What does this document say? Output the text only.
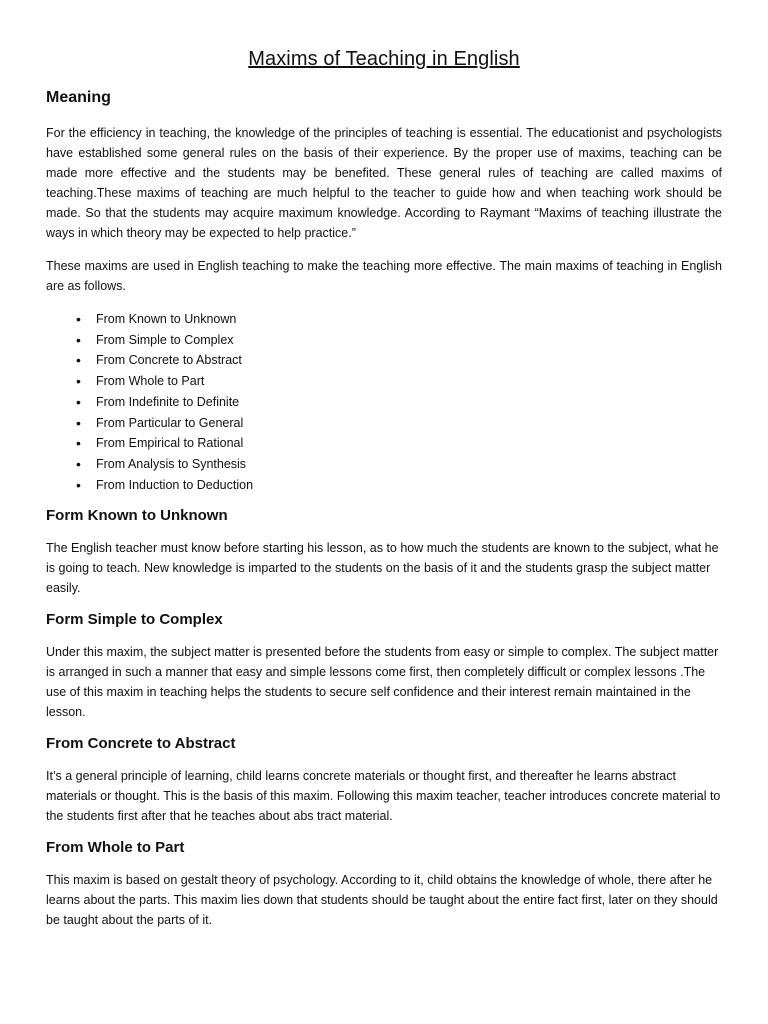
Maxims of Teaching in English
Meaning

For the efficiency in teaching, the knowledge of the principles of teaching is essential. The educationist and psychologists have established some general rules on the basis of their experience. By the proper use of maxims, teaching can be made more effective and the students may be benefited. These general rules of teaching are called maxims of teaching.These maxims of teaching are much helpful to the teacher to guide how and when teaching work should be made. So that the students may acquire maximum knowledge. According to Raymant “Maxims of teaching illustrate the ways in which theory may be expected to help practice.”

These maxims are used in English teaching to make the teaching more effective. The main maxims of teaching in English are as follows.

• From Known to Unknown
• From Simple to Complex
• From Concrete to Abstract
• From Whole to Part
• From Indefinite to Definite
• From Particular to General
• From Empirical to Rational
• From Analysis to Synthesis
• From Induction to Deduction
Form Known to Unknown

The English teacher must know before starting his lesson, as to how much the students are known to the subject, what he is going to teach. New knowledge is imparted to the students on the basis of it and the students grasp the subject matter easily.

Form Simple to Complex

Under this maxim, the subject matter is presented before the students from easy or simple to complex. The subject matter is arranged in such a manner that easy and simple lessons come first, then completely difficult or complex lessons .The use of this maxim in teaching helps the students to secure self confidence and their interest remain maintained in the lesson.

From Concrete to Abstract

It’s a general principle of learning, child learns concrete materials or thought first, and thereafter he learns abstract materials or thought. This is the basis of this maxim. Following this maxim teacher, teacher introduces concrete material to the students first after that he teaches about abs tract material.

From Whole to Part

This maxim is based on gestalt theory of psychology. According to it, child obtains the knowledge of whole, there after he learns about the parts. This maxim lies down that students should be taught about the entire fact first, later on they should be taught about the parts of it.
